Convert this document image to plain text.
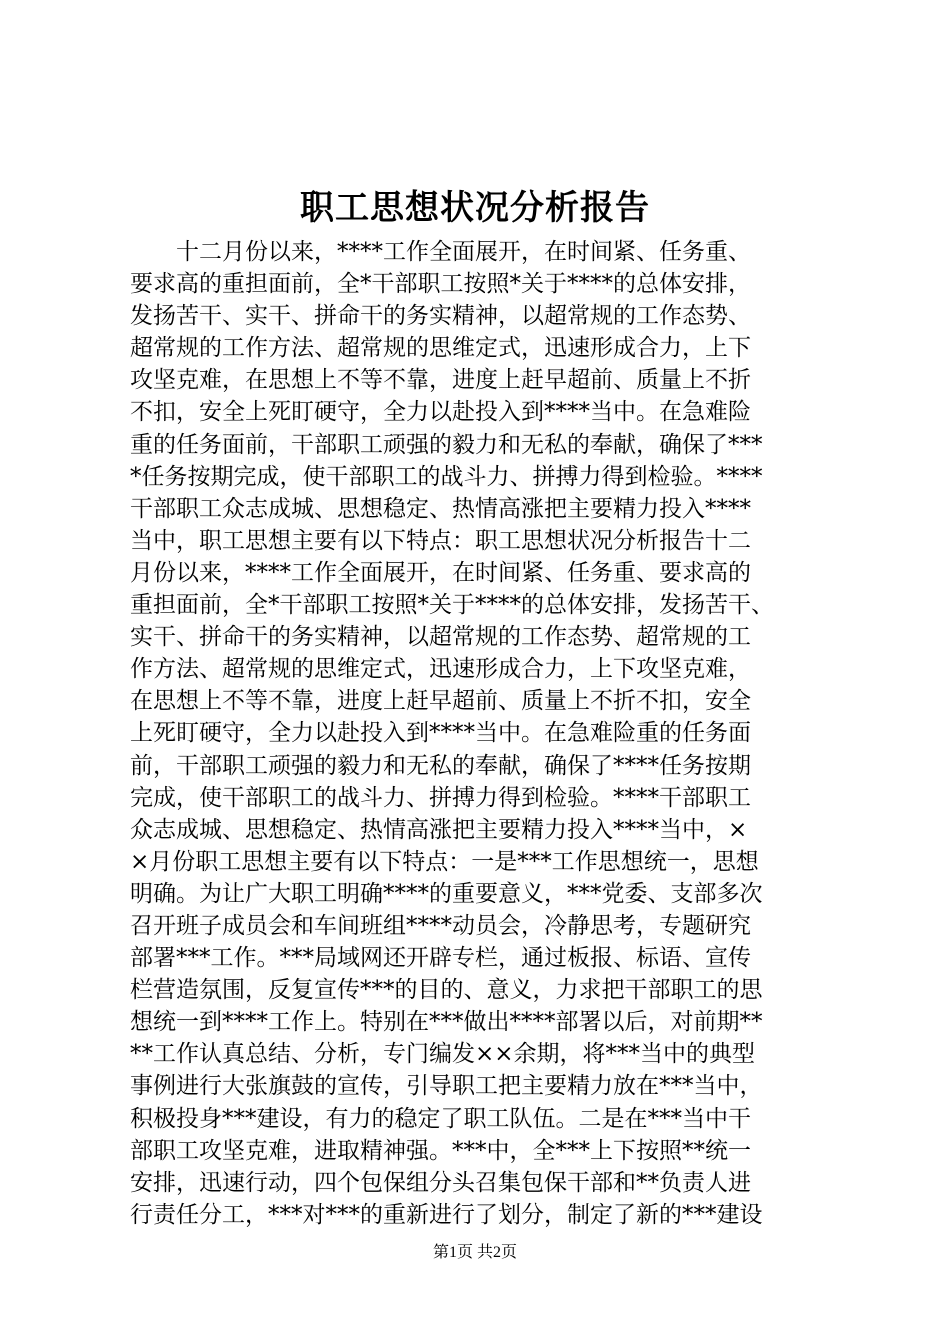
职工思想状况分析报告
十二月份以来，****工作全面展开，在时间紧、任务重、
要求高的重担面前，全*干部职工按照*关于****的总体安排，
发扬苦干、实干、拼命干的务实精神，以超常规的工作态势、
超常规的工作方法、超常规的思维定式，迅速形成合力，上下
攻坚克难，在思想上不等不靠，进度上赶早超前、质量上不折
不扣，安全上死盯硬守，全力以赴投入到****当中。在急难险
重的任务面前，干部职工顽强的毅力和无私的奉献，确保了***
*任务按期完成，使干部职工的战斗力、拼搏力得到检验。****
干部职工众志成城、思想稳定、热情高涨把主要精力投入****
当中，职工思想主要有以下特点：职工思想状况分析报告十二
月份以来，****工作全面展开，在时间紧、任务重、要求高的
重担面前，全*干部职工按照*关于****的总体安排，发扬苦干、
实干、拼命干的务实精神，以超常规的工作态势、超常规的工
作方法、超常规的思维定式，迅速形成合力，上下攻坚克难，
在思想上不等不靠，进度上赶早超前、质量上不折不扣，安全
上死盯硬守，全力以赴投入到****当中。在急难险重的任务面
前，干部职工顽强的毅力和无私的奉献，确保了****任务按期
完成，使干部职工的战斗力、拼搏力得到检验。****干部职工
众志成城、思想稳定、热情高涨把主要精力投入****当中，×
×月份职工思想主要有以下特点：一是***工作思想统一，思想
明确。为让广大职工明确****的重要意义，***党委、支部多次
召开班子成员会和车间班组****动员会，冷静思考，专题研究
部署***工作。***局域网还开辟专栏，通过板报、标语、宣传
栏营造氛围，反复宣传***的目的、意义，力求把干部职工的思
想统一到****工作上。特别在***做出****部署以后，对前期**
**工作认真总结、分析，专门编发××余期，将***当中的典型
事例进行大张旗鼓的宣传，引导职工把主要精力放在***当中，
积极投身***建设，有力的稳定了职工队伍。二是在***当中干
部职工攻坚克难，进取精神强。***中，全***上下按照**统一
安排，迅速行动，四个包保组分头召集包保干部和**负责人进
行责任分工，***对***的重新进行了划分，制定了新的***建设
第1页 共2页
